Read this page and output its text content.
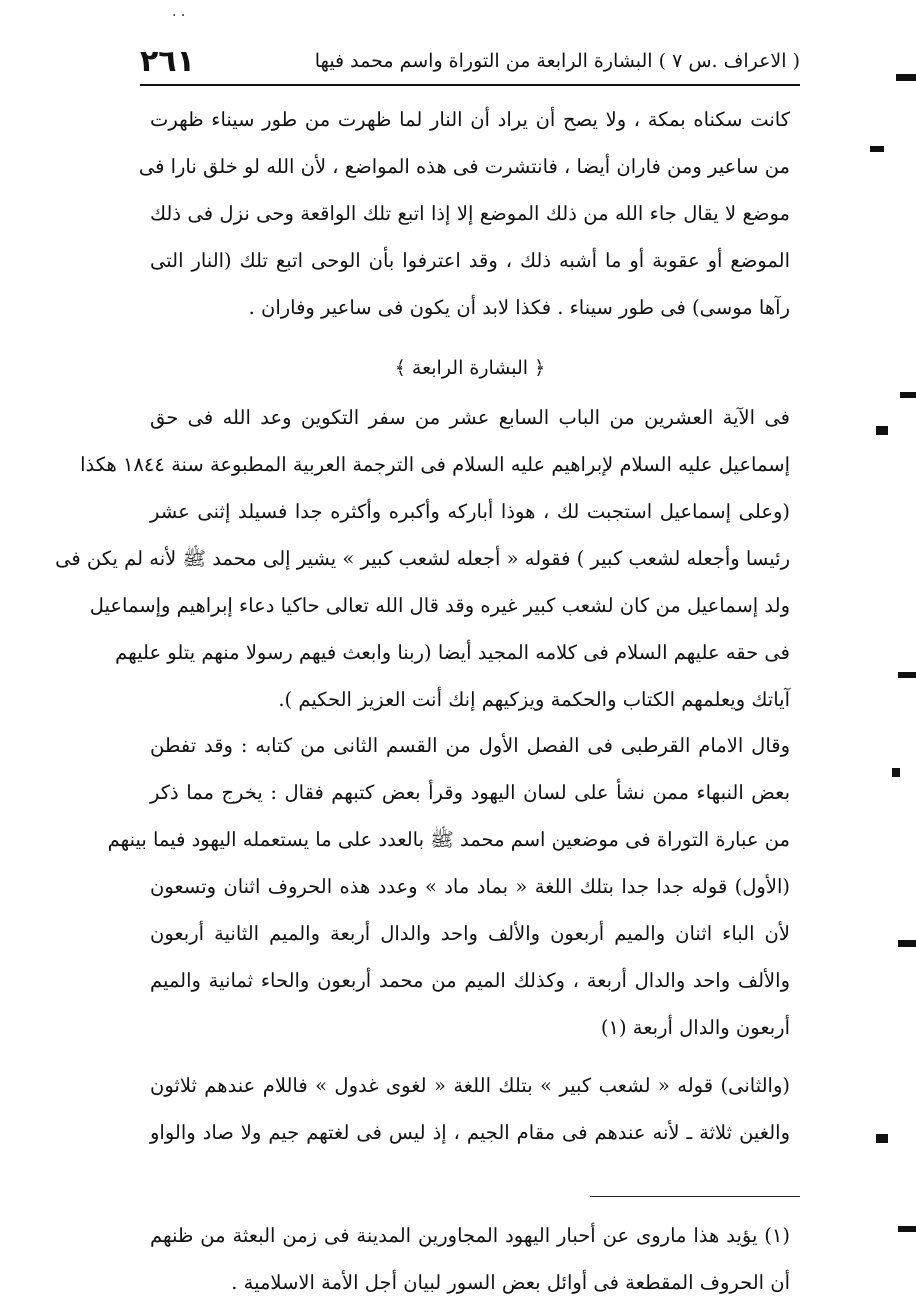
· ·
( الاعراف .س ٧ ) البشارة الرابعة من التوراة واسم محمد فيها
٢٦١
كانت سكناه بمكة ، ولا يصح أن يراد أن النار لما ظهرت من طور سيناء ظهرت
من ساعير ومن فاران أيضا ، فانتشرت فى هذه المواضع ، لأن الله لو خلق نارا فى
موضع لا يقال جاء الله من ذلك الموضع إلا إذا اتبع تلك الواقعة وحى نزل فى ذلك
الموضع أو عقوبة أو ما أشبه ذلك ، وقد اعترفوا بأن الوحى اتبع تلك (النار التى
رآها موسى) فى طور سيناء . فكذا لابد أن يكون فى ساعير وفاران .
﴿ البشارة الرابعة ﴾
فى الآية العشرين من الباب السابع عشر من سفر التكوين وعد الله فى حق
إسماعيل عليه السلام لإبراهيم عليه السلام فى الترجمة العربية المطبوعة سنة ١٨٤٤ هكذا
(وعلى إسماعيل استجبت لك ، هوذا أباركه وأكبره وأكثره جدا فسيلد إثنى عشر
رئيسا وأجعله لشعب كبير ) فقوله « أجعله لشعب كبير » يشير إلى محمد ﷺ لأنه لم يكن فى
ولد إسماعيل من كان لشعب كبير غيره وقد قال الله تعالى حاكيا دعاء إبراهيم وإسماعيل
فى حقه عليهم السلام فى كلامه المجيد أيضا (ربنا وابعث فيهم رسولا منهم يتلو عليهم
آياتك ويعلمهم الكتاب والحكمة ويزكيهم إنك أنت العزيز الحكيم ).
وقال الامام القرطبى فى الفصل الأول من القسم الثانى من كتابه : وقد تفطن
بعض النبهاء ممن نشأ على لسان اليهود وقرأ بعض كتبهم فقال : يخرج مما ذكر
من عبارة التوراة فى موضعين اسم محمد ﷺ بالعدد على ما يستعمله اليهود فيما بينهم
(الأول) قوله جدا جدا بتلك اللغة « بماد ماد » وعدد هذه الحروف اثنان وتسعون
لأن الباء اثنان والميم أربعون والألف واحد والدال أربعة والميم الثانية أربعون
والألف واحد والدال أربعة ، وكذلك الميم من محمد أربعون والحاء ثمانية والميم
أربعون والدال أربعة (١)
(والثانى) قوله « لشعب كبير » بتلك اللغة « لغوى غدول » فاللام عندهم ثلاثون
والغين ثلاثة ـ لأنه عندهم فى مقام الجيم ، إذ ليس فى لغتهم جيم ولا صاد والواو
(١) يؤيد هذا ماروى عن أحبار اليهود المجاورين المدينة فى زمن البعثة من ظنهم
أن الحروف المقطعة فى أوائل بعض السور لبيان أجل الأمة الاسلامية .
